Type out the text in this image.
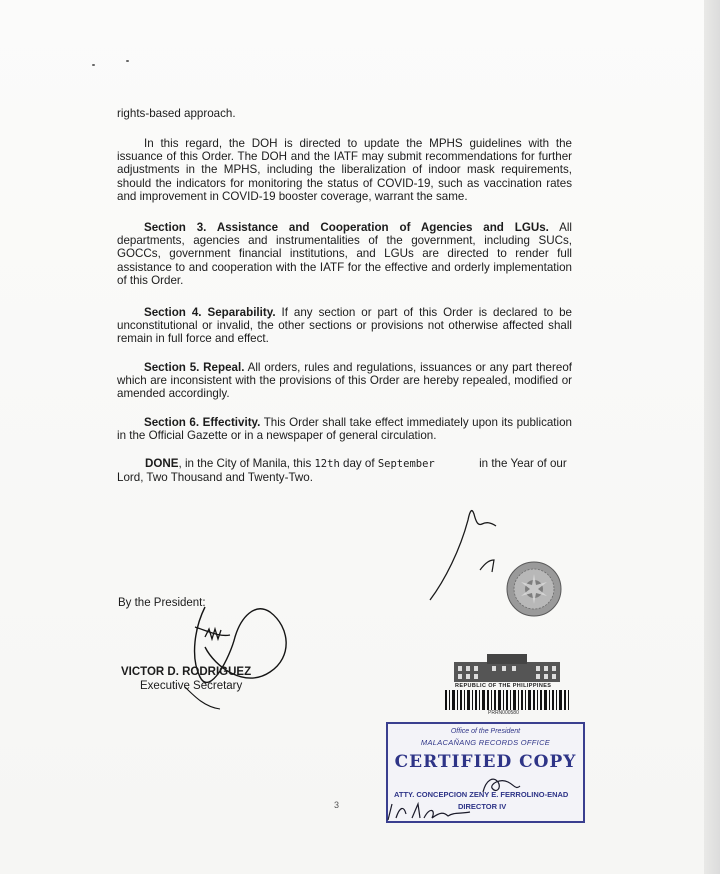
rights-based approach.

In this regard, the DOH is directed to update the MPHS guidelines with the issuance of this Order. The DOH and the IATF may submit recommendations for further adjustments in the MPHS, including the liberalization of indoor mask requirements, should the indicators for monitoring the status of COVID-19, such as vaccination rates and improvement in COVID-19 booster coverage, warrant the same.

Section 3. Assistance and Cooperation of Agencies and LGUs. All departments, agencies and instrumentalities of the government, including SUCs, GOCCs, government financial institutions, and LGUs are directed to render full assistance to and cooperation with the IATF for the effective and orderly implementation of this Order.

Section 4. Separability. If any section or part of this Order is declared to be unconstitutional or invalid, the other sections or provisions not otherwise affected shall remain in full force and effect.

Section 5. Repeal. All orders, rules and regulations, issuances or any part thereof which are inconsistent with the provisions of this Order are hereby repealed, modified or amended accordingly.

Section 6. Effectivity. This Order shall take effect immediately upon its publication in the Official Gazette or in a newspaper of general circulation.

DONE, in the City of Manila, this 12th day of September	in the Year of our Lord, Two Thousand and Twenty-Two.
By the President:
VICTOR D. RODRIGUEZ
Executive Secretary	REPUBLIC OF THE PHILIPPINES
PRRN000580
3
Office of the President
MALACAÑANG RECORDS OFFICE
CERTIFIED COPY
ATTY. CONCEPCION ZENY E. FERROLINO-ENAD
DIRECTOR IV
